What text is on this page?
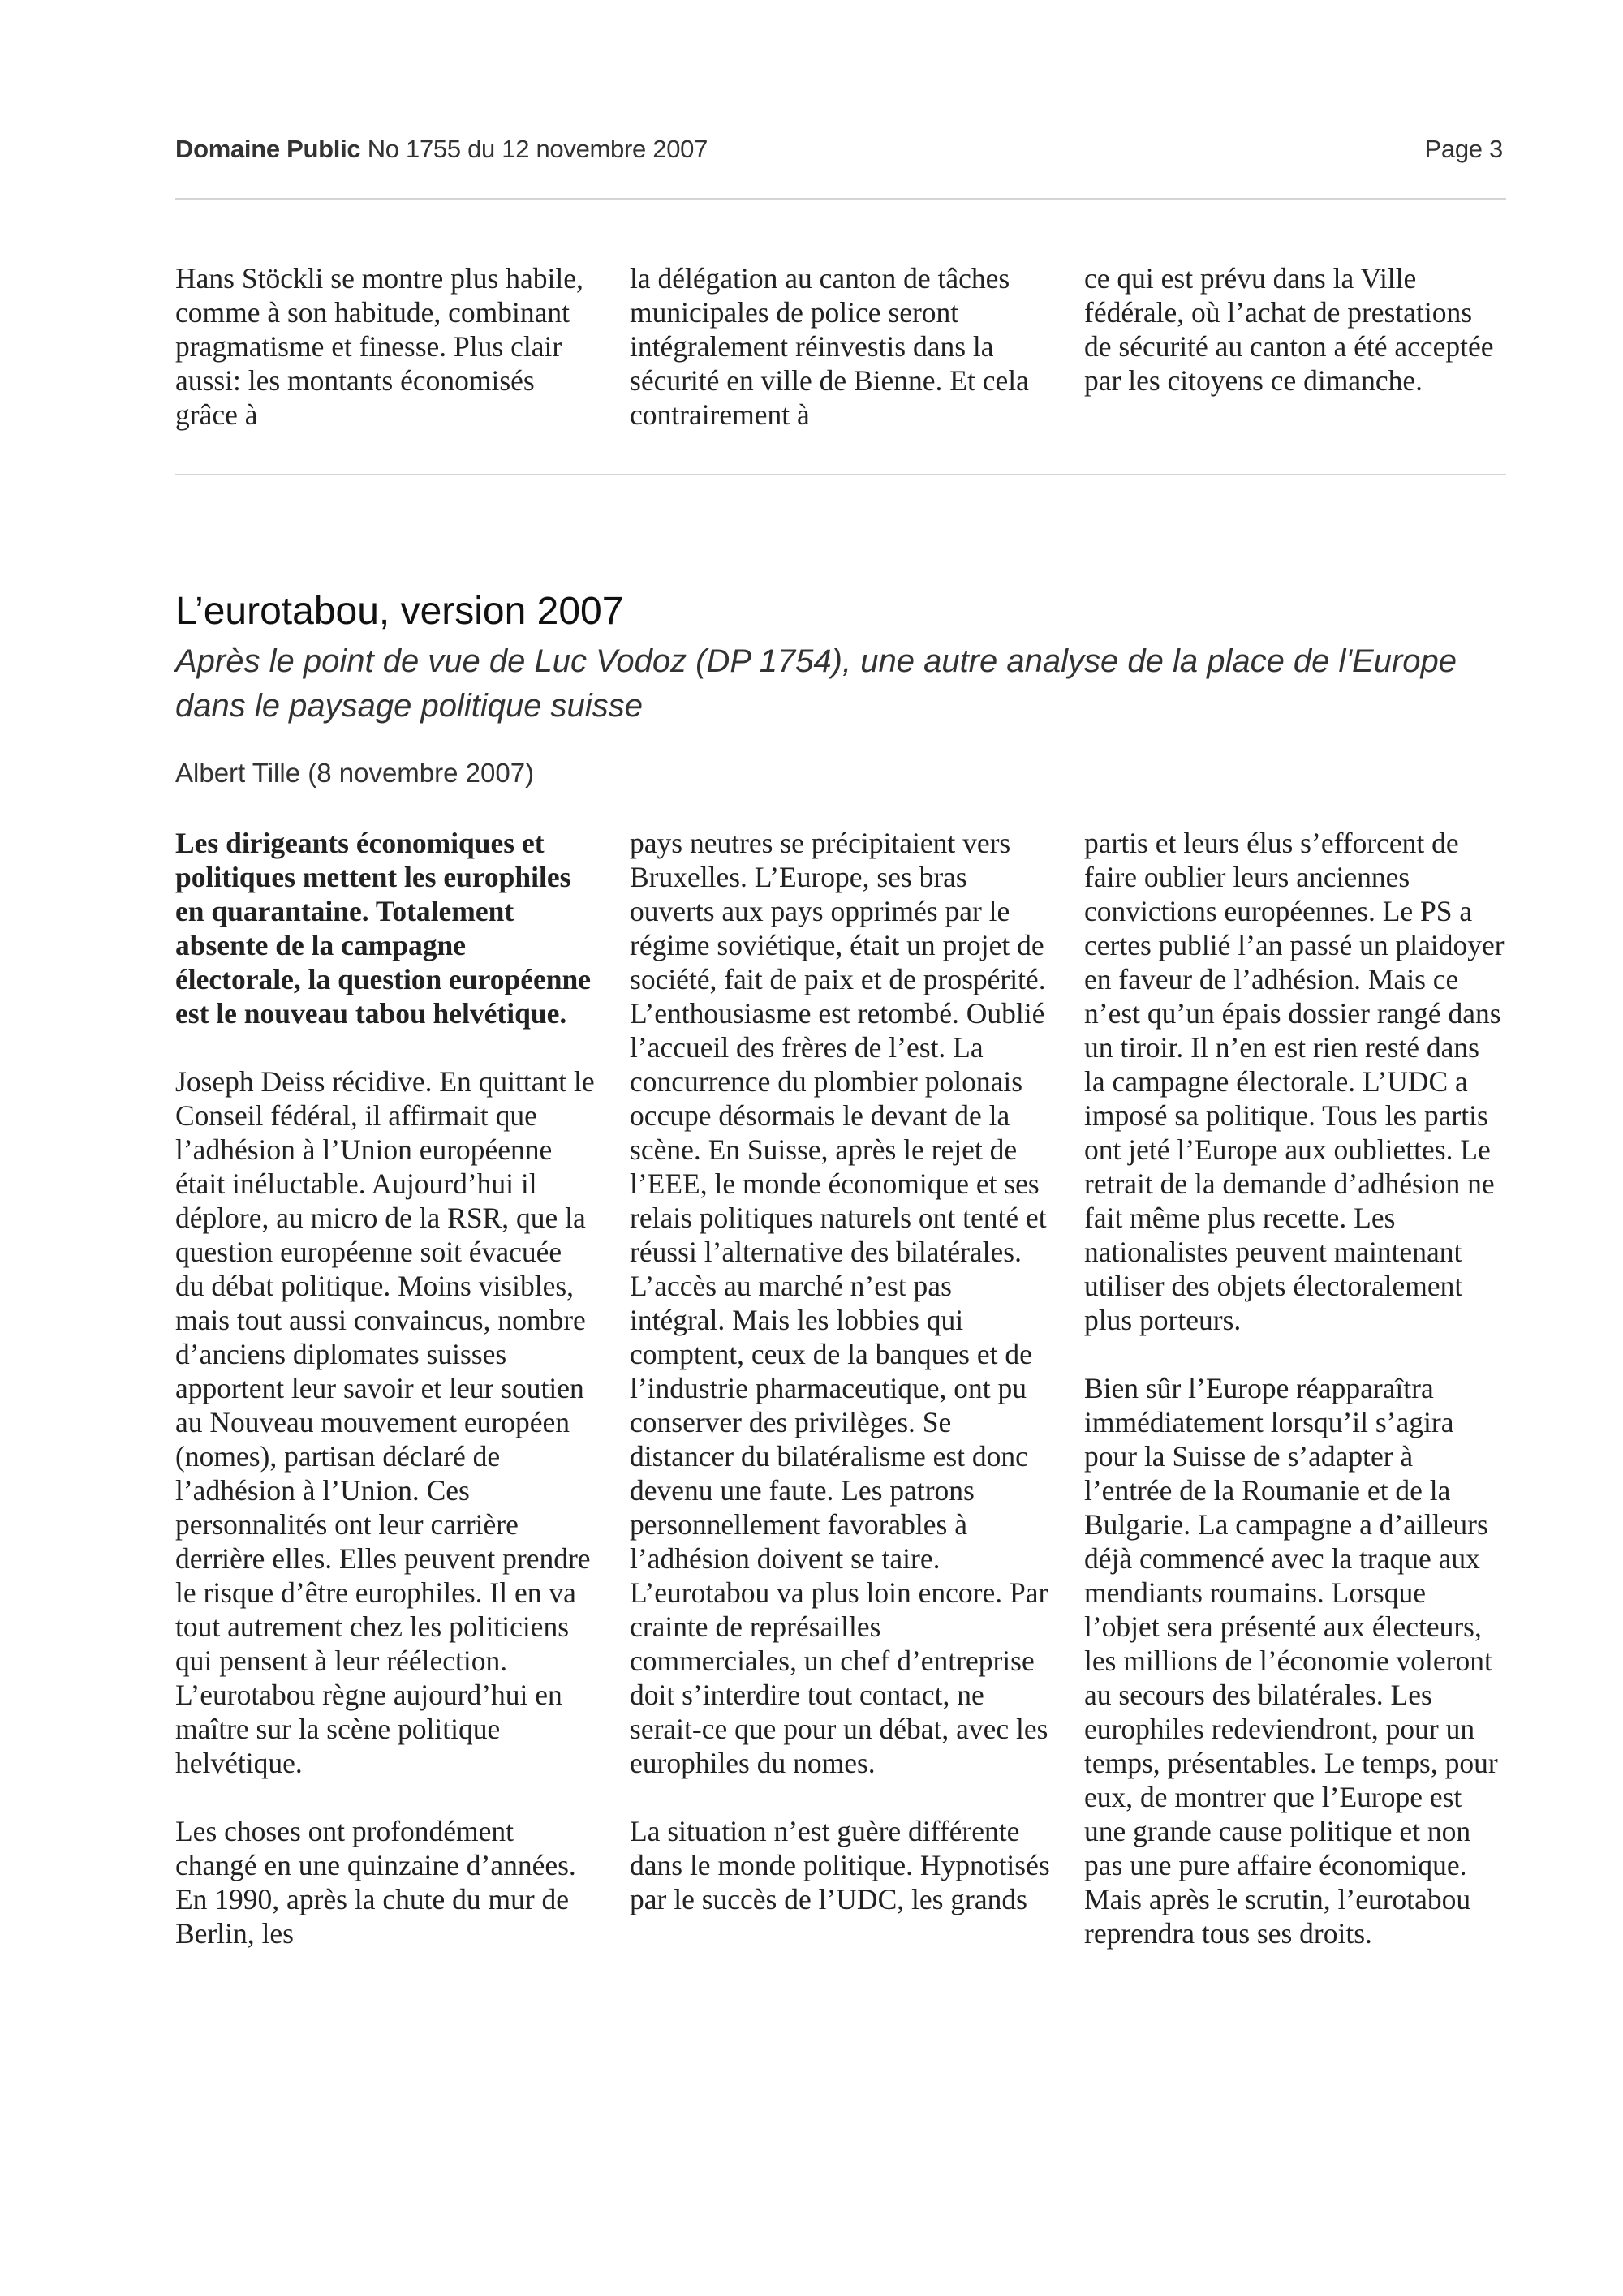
Domaine Public No 1755 du 12 novembre 2007	Page 3

Hans Stöckli se montre plus habile, comme à son habitude, combinant pragmatisme et finesse. Plus clair aussi: les montants économisés grâce à

la délégation au canton de tâches municipales de police seront intégralement réinvestis dans la sécurité en ville de Bienne. Et cela contrairement à

ce qui est prévu dans la Ville fédérale, où l’achat de prestations de sécurité au canton a été acceptée par les citoyens ce dimanche.

L’eurotabou, version 2007

Après le point de vue de Luc Vodoz (DP 1754), une autre analyse de la place de l'Europe dans le paysage politique suisse

Albert Tille (8 novembre 2007)

Les dirigeants économiques et politiques mettent les europhiles en quarantaine. Totalement absente de la campagne électorale, la question européenne est le nouveau tabou helvétique.

Joseph Deiss récidive. En quittant le Conseil fédéral, il affirmait que l’adhésion à l’Union européenne était inéluctable. Aujourd’hui il déplore, au micro de la RSR, que la question européenne soit évacuée du débat politique. Moins visibles, mais tout aussi convaincus, nombre d’anciens diplomates suisses apportent leur savoir et leur soutien au Nouveau mouvement européen (nomes), partisan déclaré de l’adhésion à l’Union. Ces personnalités ont leur carrière derrière elles. Elles peuvent prendre le risque d’être europhiles. Il en va tout autrement chez les politiciens qui pensent à leur réélection. L’eurotabou règne aujourd’hui en maître sur la scène politique helvétique.

Les choses ont profondément changé en une quinzaine d’années. En 1990, après la chute du mur de Berlin, les

pays neutres se précipitaient vers Bruxelles. L’Europe, ses bras ouverts aux pays opprimés par le régime soviétique, était un projet de société, fait de paix et de prospérité. L’enthousiasme est retombé. Oublié l’accueil des frères de l’est. La concurrence du plombier polonais occupe désormais le devant de la scène. En Suisse, après le rejet de l’EEE, le monde économique et ses relais politiques naturels ont tenté et réussi l’alternative des bilatérales. L’accès au marché n’est pas intégral. Mais les lobbies qui comptent, ceux de la banques et de l’industrie pharmaceutique, ont pu conserver des privilèges. Se distancer du bilatéralisme est donc devenu une faute. Les patrons personnellement favorables à l’adhésion doivent se taire. L’eurotabou va plus loin encore. Par crainte de représailles commerciales, un chef d’entreprise doit s’interdire tout contact, ne serait-ce que pour un débat, avec les europhiles du nomes.

La situation n’est guère différente dans le monde politique. Hypnotisés par le succès de l’UDC, les grands

partis et leurs élus s’efforcent de faire oublier leurs anciennes convictions européennes. Le PS a certes publié l’an passé un plaidoyer en faveur de l’adhésion. Mais ce n’est qu’un épais dossier rangé dans un tiroir. Il n’en est rien resté dans la campagne électorale. L’UDC a imposé sa politique. Tous les partis ont jeté l’Europe aux oubliettes. Le retrait de la demande d’adhésion ne fait même plus recette. Les nationalistes peuvent maintenant utiliser des objets électoralement plus porteurs.

Bien sûr l’Europe réapparaîtra immédiatement lorsqu’il s’agira pour la Suisse de s’adapter à l’entrée de la Roumanie et de la Bulgarie. La campagne a d’ailleurs déjà commencé avec la traque aux mendiants roumains. Lorsque l’objet sera présenté aux électeurs, les millions de l’économie voleront au secours des bilatérales. Les europhiles redeviendront, pour un temps, présentables. Le temps, pour eux, de montrer que l’Europe est une grande cause politique et non pas une pure affaire économique. Mais après le scrutin, l’eurotabou reprendra tous ses droits.
